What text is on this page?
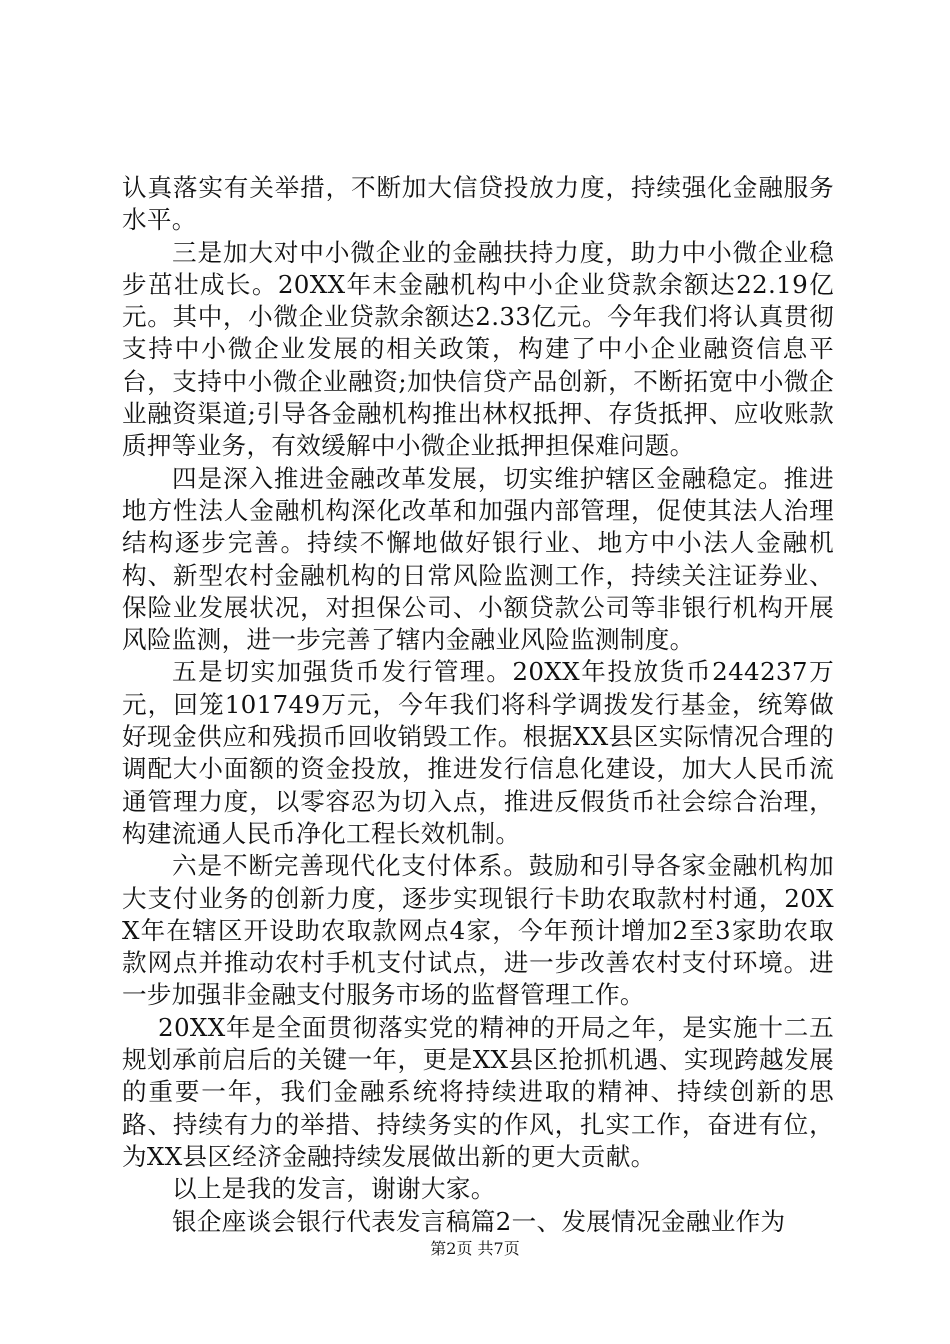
认真落实有关举措，不断加大信贷投放力度，持续强化金融服务水平。

三是加大对中小微企业的金融扶持力度，助力中小微企业稳步茁壮成长。20XX年末金融机构中小企业贷款余额达22.19亿元。其中，小微企业贷款余额达2.33亿元。今年我们将认真贯彻支持中小微企业发展的相关政策，构建了中小企业融资信息平台，支持中小微企业融资;加快信贷产品创新，不断拓宽中小微企业融资渠道;引导各金融机构推出林权抵押、存货抵押、应收账款质押等业务，有效缓解中小微企业抵押担保难问题。

四是深入推进金融改革发展，切实维护辖区金融稳定。推进地方性法人金融机构深化改革和加强内部管理，促使其法人治理结构逐步完善。持续不懈地做好银行业、地方中小法人金融机构、新型农村金融机构的日常风险监测工作，持续关注证券业、保险业发展状况，对担保公司、小额贷款公司等非银行机构开展风险监测，进一步完善了辖内金融业风险监测制度。

五是切实加强货币发行管理。20XX年投放货币244237万元，回笼101749万元，今年我们将科学调拨发行基金，统筹做好现金供应和残损币回收销毁工作。根据XX县区实际情况合理的调配大小面额的资金投放，推进发行信息化建设，加大人民币流通管理力度，以零容忍为切入点，推进反假货币社会综合治理，构建流通人民币净化工程长效机制。

六是不断完善现代化支付体系。鼓励和引导各家金融机构加大支付业务的创新力度，逐步实现银行卡助农取款村村通，20XX年在辖区开设助农取款网点4家，今年预计增加2至3家助农取款网点并推动农村手机支付试点，进一步改善农村支付环境。进一步加强非金融支付服务市场的监督管理工作。

20XX年是全面贯彻落实党的精神的开局之年，是实施十二五规划承前启后的关键一年，更是XX县区抢抓机遇、实现跨越发展的重要一年，我们金融系统将持续进取的精神、持续创新的思路、持续有力的举措、持续务实的作风，扎实工作，奋进有位，为XX县区经济金融持续发展做出新的更大贡献。

以上是我的发言，谢谢大家。

银企座谈会银行代表发言稿篇2一、发展情况金融业作为

第2页 共7页
